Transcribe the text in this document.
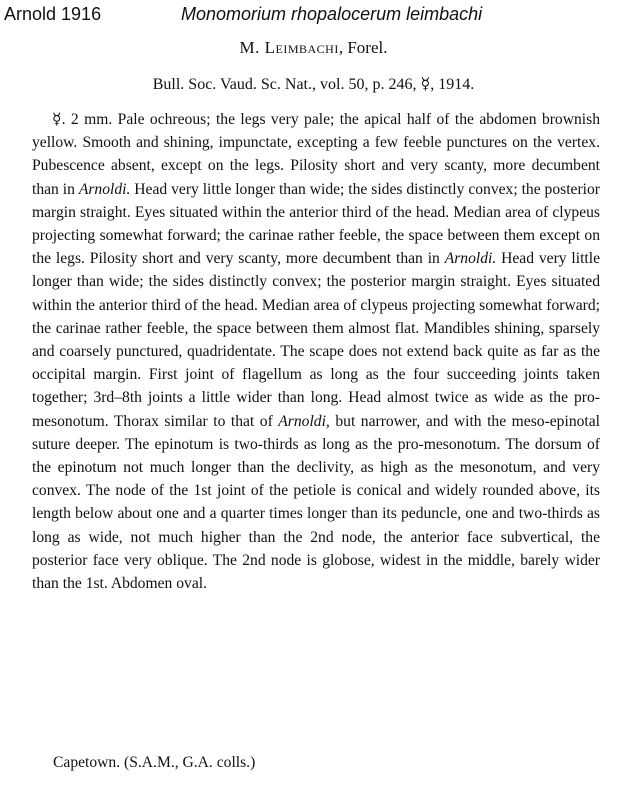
Arnold 1916	Monomorium rhopalocerum leimbachi
M. Leimbachi, Forel.
Bull. Soc. Vaud. Sc. Nat., vol. 50, p. 246, ☿, 1914.

☿. 2 mm. Pale ochreous; the legs very pale; the apical half of the abdomen brownish yellow. Smooth and shining, impunctate, excepting a few feeble punctures on the vertex. Pubescence absent, except on the legs. Pilosity short and very scanty, more decumbent than in Arnoldi. Head very little longer than wide; the sides distinctly convex; the posterior margin straight. Eyes situated within the anterior third of the head. Median area of clypeus projecting somewhat forward; the carinae rather feeble, the space between them except on the legs. Pilosity short and very scanty, more decumbent than in Arnoldi. Head very little longer than wide; the sides distinctly convex; the posterior margin straight. Eyes situated within the anterior third of the head. Median area of clypeus projecting somewhat forward; the carinae rather feeble, the space between them almost flat. Mandibles shining, sparsely and coarsely punctured, quadridentate. The scape does not extend back quite as far as the occipital margin. First joint of flagellum as long as the four succeeding joints taken together; 3rd–8th joints a little wider than long. Head almost twice as wide as the pro-mesonotum. Thorax similar to that of Arnoldi, but narrower, and with the meso-epinotal suture deeper. The epinotum is two-thirds as long as the pro-mesonotum. The dorsum of the epinotum not much longer than the declivity, as high as the mesonotum, and very convex. The node of the 1st joint of the petiole is conical and widely rounded above, its length below about one and a quarter times longer than its peduncle, one and two-thirds as long as wide, not much higher than the 2nd node, the anterior face subvertical, the posterior face very oblique. The 2nd node is globose, widest in the middle, barely wider than the 1st. Abdomen oval.

Capetown. (S.A.M., G.A. colls.)
